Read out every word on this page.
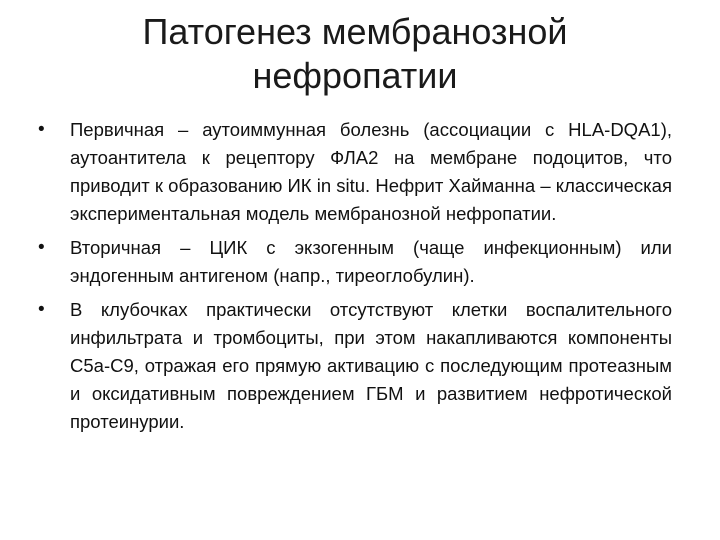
Патогенез мембранозной
нефропатии
• Первичная – аутоиммунная болезнь (ассоциации с HLA-DQA1), аутоантитела к рецептору ФЛА2 на мембране подоцитов, что приводит к образованию ИК in situ. Нефрит Хайманна – классическая экспериментальная модель мембранозной нефропатии.
• Вторичная – ЦИК с экзогенным (чаще инфекционным) или эндогенным антигеном (напр., тиреоглобулин).
• В клубочках практически отсутствуют клетки воспалительного инфильтрата и тромбоциты, при этом накапливаются компоненты С5а-С9, отражая его прямую активацию с последующим протеазным и оксидативным повреждением ГБМ и развитием нефротической протеинурии.
